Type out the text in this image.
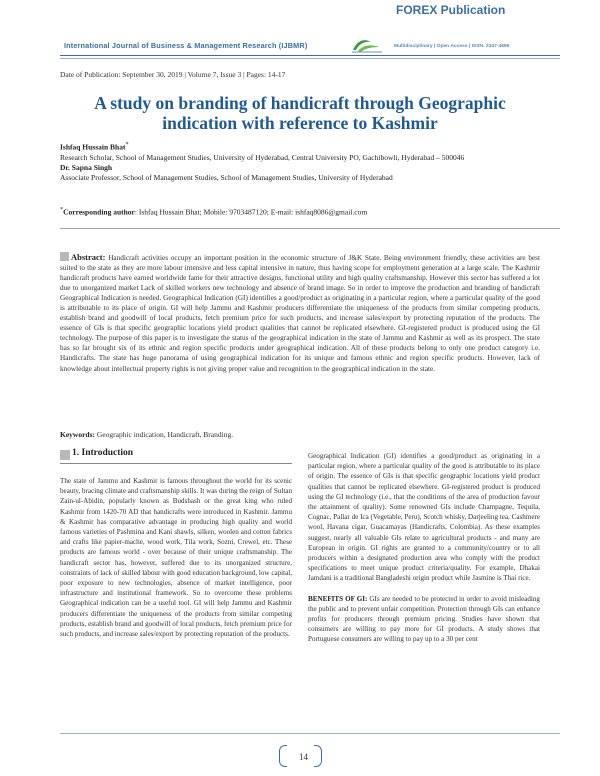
International Journal of Business & Management Research (IJBMR)
FOREX Publication
Multidisciplinary | Open Access | ISSN: 2347-4696
Date of Publication: September 30, 2019 | Volume 7, Issue 3 | Pages: 14-17
A study on branding of handicraft through Geographic indication with reference to Kashmir
Ishfaq Hussain Bhat*
Research Scholar, School of Management Studies, University of Hyderabad, Central University PO, Gachibowli, Hyderabad – 500046
Dr. Sapna Singh
Associate Professor, School of Management Studies, School of Management Studies, University of Hyderabad
*Corresponding author: Ishfaq Hussain Bhat; Mobile: 9703487120; E-mail: ishfaq8086@gmail.com
Abstract: Handicraft activities occupy an important position in the economic structure of J&K State. Being environment friendly, these activities are best suited to the state as they are more labour intensive and less capital intensive in nature, thus having scope for employment generation at a large scale. The Kashmir handicraft products have earned worldwide fame for their attractive designs, functional utility and high quality craftsmanship. However this sector has suffered a lot due to unorganized market Lack of skilled workers new technology and absence of brand image. So in order to improve the production and branding of handicraft Geographical Indication is needed. Geographical Indication (GI) identifies a good/product as originating in a particular region, where a particular quality of the good is attributable to its place of origin. GI will help Jammu and Kashmir producers differentiate the uniqueness of the products from similar competing products, establish brand and goodwill of local products, fetch premium price for such products, and increase sales/export by protecting reputation of the products. The essence of GIs is that specific geographic locations yield product qualities that cannot be replicated elsewhere. GI-registered product is produced using the GI technology. The purpose of this paper is to investigate the status of the geographical indication in the state of Jammu and Kashmir as well as its prospect. The state has so far brought six of its ethnic and region specific products under geographical indication. All of these products belong to only one product category i.e. Handicrafts. The state has huge panorama of using geographical indication for its unique and famous ethnic and region specific products. However, lack of knowledge about intellectual property rights is not giving proper value and recognition to the geographical indication in the state.
Keywords: Geographic indication, Handicraft, Branding.
1. Introduction

The state of Jammu and Kashmir is famous throughout the world for its scenic beauty, bracing climate and craftsmanship skills. It was during the reign of Sultan Zain-ul-Abidin, popularly known as Budshash or the great king who ruled Kashmir from 1420-70 AD that handicrafts were introduced in Kashmir. Jammu & Kashmir has comparative advantage in producing high quality and world famous varieties of Pashmina and Kani shawls, silken, woolen and cotton fabrics and crafts like papier-mache, wood work, Tila work, Sozni, Crewel, etc. These products are famous world - over because of their unique craftsmanship. The handicraft sector has, however, suffered due to its unorganized structure, constraints of lack of skilled labour with good education background, low capital, poor exposure to new technologies, absence of market intelligence, poor infrastructure and institutional framework. So to overcome these problems Geographical indication can be a useful tool. GI will help Jammu and Kashmir producers differentiate the uniqueness of the products from similar competing products, establish brand and goodwill of local products, fetch premium price for such products, and increase sales/export by protecting reputation of the products.

Geographical Indication (GI) identifies a good/product as originating in a particular region, where a particular quality of the good is attributable to its place of origin. The essence of GIs is that specific geographic locations yield product qualities that cannot be replicated elsewhere. GI-registered product is produced using the GI technology (i.e., that the conditions of the area of production favour the attainment of quality). Some renowned GIs include Champagne, Tequila, Cognac, Pallar de Ica (Vegetable, Peru), Scotch whisky, Darjeeling tea, Cashmere wool, Havana cigar, Guacamayas (Handicrafts, Colombia). As these examples suggest, nearly all valuable GIs relate to agricultural products - and many are European in origin. GI rights are granted to a community/country or to all producers within a designated production area who comply with the product specifications to meet unique product criteria/quality. For example, Dhakai Jamdani is a traditional Bangladeshi origin product while Jasmine is Thai rice.

BENEFITS OF GI: GIs are needed to be protected in order to avoid misleading the public and to prevent unfair competition. Protection through GIs can enhance profits for producers through premium pricing. Studies have shown that consumers are willing to pay more for GI products. A study shows that Portuguese consumers are willing to pay up to a 30 per cent

14
